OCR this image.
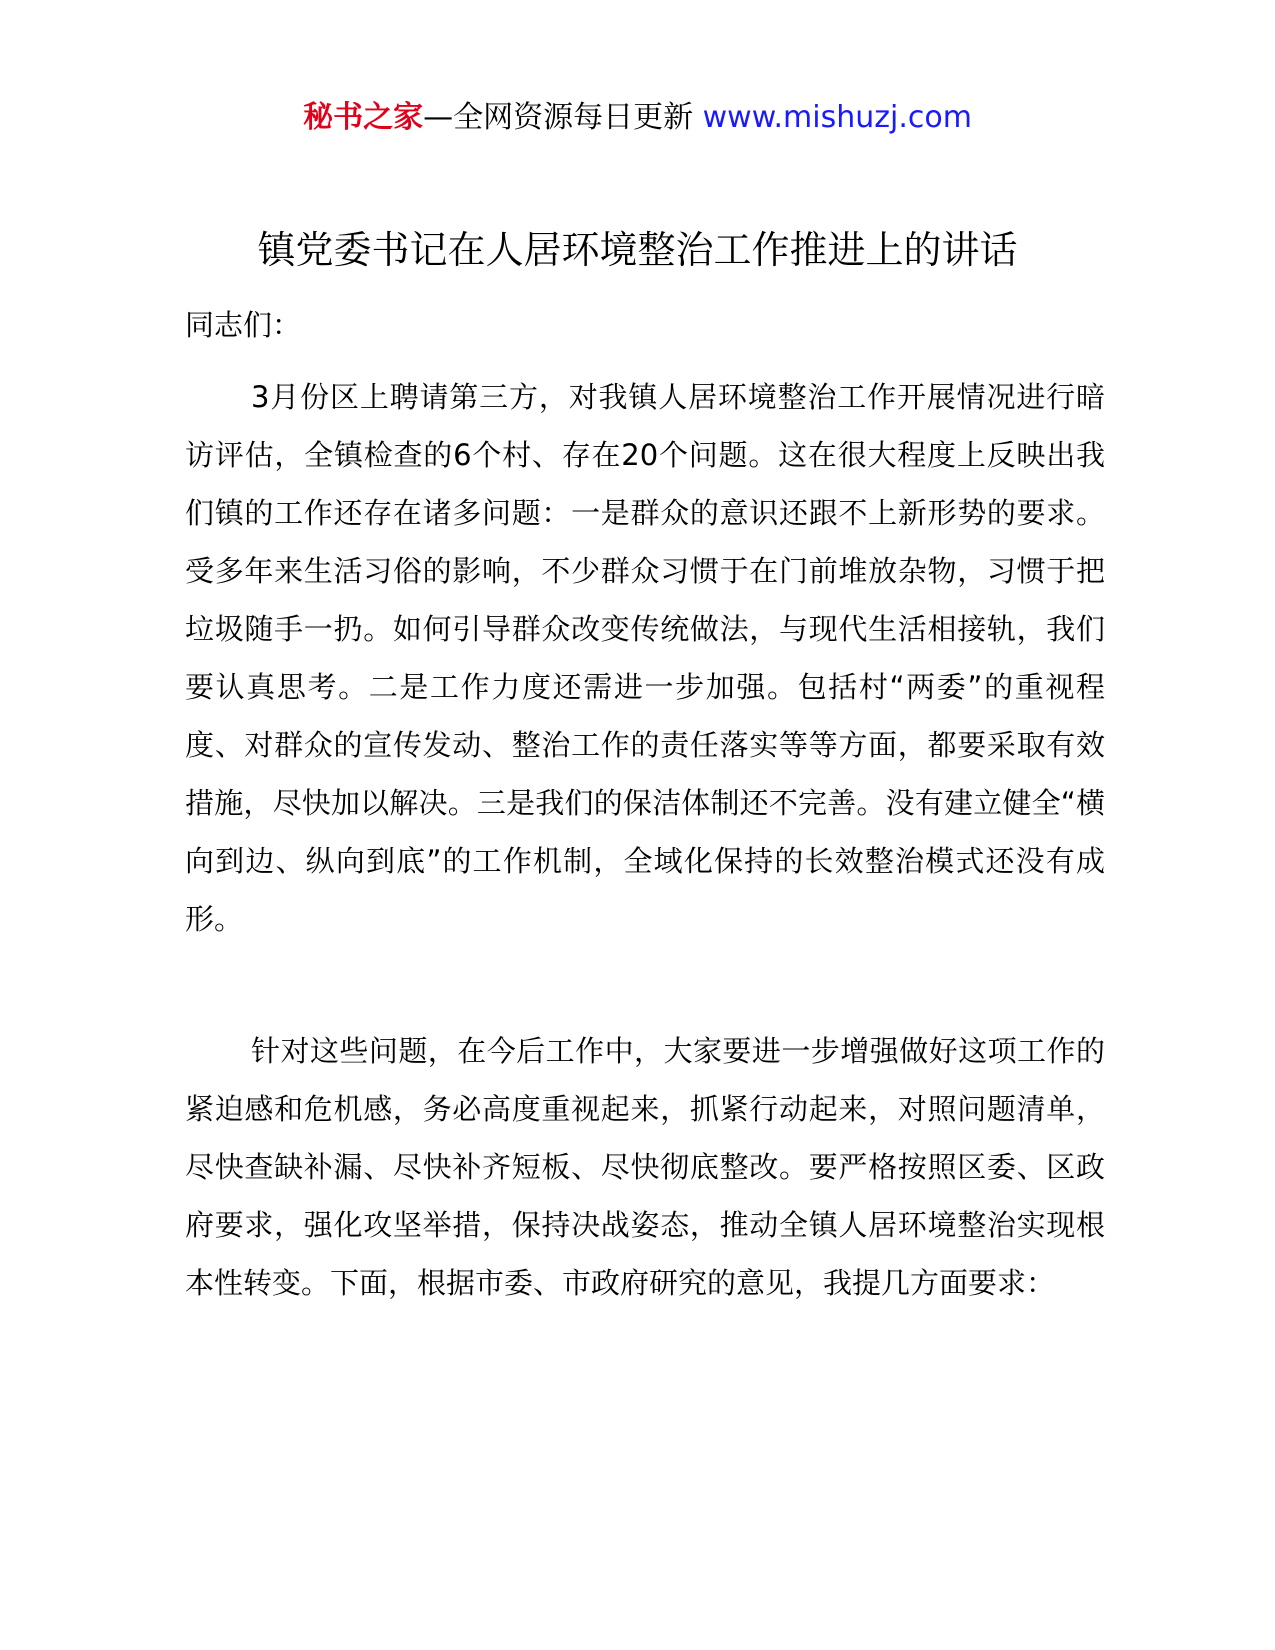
秘书之家—全网资源每日更新 www.mishuzj.com
镇党委书记在人居环境整治工作推进上的讲话
同志们：

3月份区上聘请第三方，对我镇人居环境整治工作开展情况进行暗访评估，全镇检查的6个村、存在20个问题。这在很大程度上反映出我们镇的工作还存在诸多问题：一是群众的意识还跟不上新形势的要求。受多年来生活习俗的影响，不少群众习惯于在门前堆放杂物，习惯于把垃圾随手一扔。如何引导群众改变传统做法，与现代生活相接轨，我们要认真思考。二是工作力度还需进一步加强。包括村“两委”的重视程度、对群众的宣传发动、整治工作的责任落实等等方面，都要采取有效措施，尽快加以解决。三是我们的保洁体制还不完善。没有建立健全“横向到边、纵向到底”的工作机制，全域化保持的长效整治模式还没有成形。

针对这些问题，在今后工作中，大家要进一步增强做好这项工作的紧迫感和危机感，务必高度重视起来，抓紧行动起来，对照问题清单，尽快查缺补漏、尽快补齐短板、尽快彻底整改。要严格按照区委、区政府要求，强化攻坚举措，保持决战姿态，推动全镇人居环境整治实现根本性转变。下面，根据市委、市政府研究的意见，我提几方面要求：
